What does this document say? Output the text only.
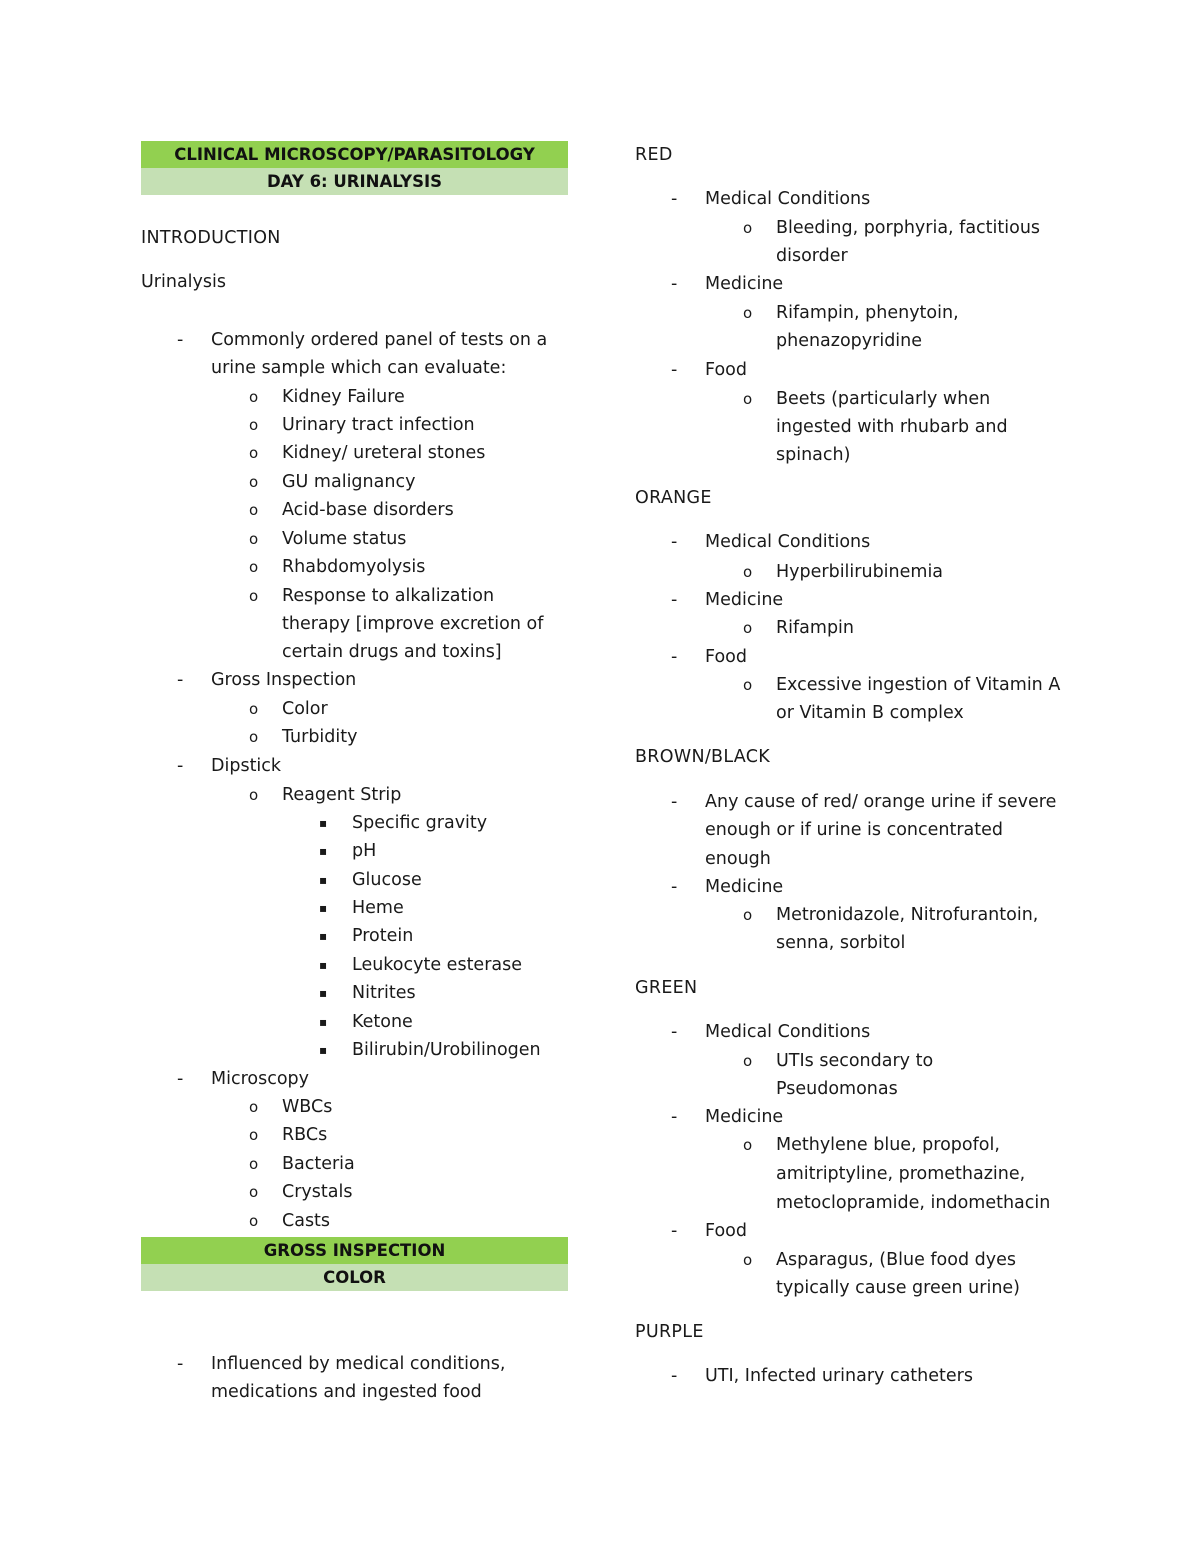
CLINICAL MICROSCOPY/PARASITOLOGY
DAY 6: URINALYSIS
INTRODUCTION
Urinalysis
- Commonly ordered panel of tests on a
urine sample which can evaluate:
o Kidney Failure
o Urinary tract infection
o Kidney/ ureteral stones
o GU malignancy
o Acid-base disorders
o Volume status
o Rhabdomyolysis
o Response to alkalization
therapy [improve excretion of
certain drugs and toxins]
- Gross Inspection
o Color
o Turbidity
- Dipstick
o Reagent Strip
▪ Specific gravity
▪ pH
▪ Glucose
▪ Heme
▪ Protein
▪ Leukocyte esterase
▪ Nitrites
▪ Ketone
▪ Bilirubin/Urobilinogen
- Microscopy
o WBCs
o RBCs
o Bacteria
o Crystals
o Casts
GROSS INSPECTION
COLOR
- Influenced by medical conditions,
medications and ingested food
RED
- Medical Conditions
o Bleeding, porphyria, factitious
disorder
- Medicine
o Rifampin, phenytoin,
phenazopyridine
- Food
o Beets (particularly when
ingested with rhubarb and
spinach)
ORANGE
- Medical Conditions
o Hyperbilirubinemia
- Medicine
o Rifampin
- Food
o Excessive ingestion of Vitamin A
or Vitamin B complex
BROWN/BLACK
- Any cause of red/ orange urine if severe
enough or if urine is concentrated
enough
- Medicine
o Metronidazole, Nitrofurantoin,
senna, sorbitol
GREEN
- Medical Conditions
o UTIs secondary to
Pseudomonas
- Medicine
o Methylene blue, propofol,
amitriptyline, promethazine,
metoclopramide, indomethacin
- Food
o Asparagus, (Blue food dyes
typically cause green urine)
PURPLE
- UTI, Infected urinary catheters
